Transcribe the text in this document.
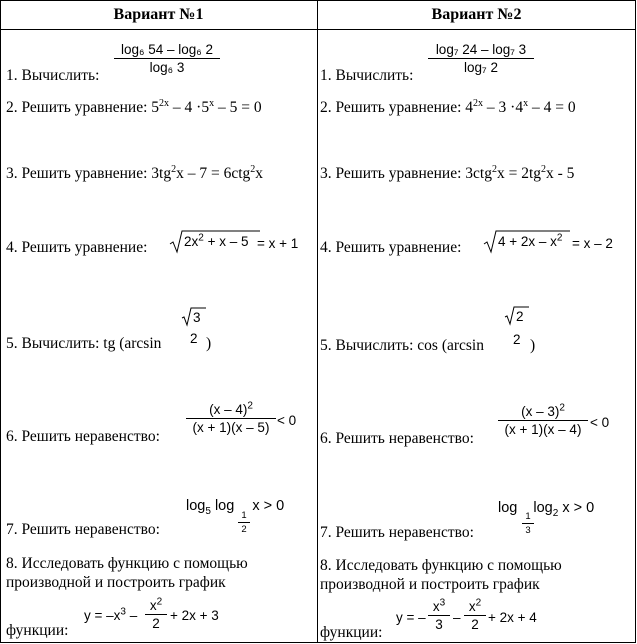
Вариант №1
log₆ 54 – log₆ 2
log₆ 3
1. Вычислить:
2. Решить уравнение: $5^{2x} - 4 \cdot 5^x - 5 = 0$
3. Решить уравнение: $3tg^2x - 7 = 6ctg^2x$
4. Решить уравнение:	$2x^2 + x - 5 = x + 1$
5. Вычислить: tg (arcsin
3
2 )
6. Решить неравенство:
(x – 4)$^2$
(x + 1)(x – 5) < 0
$\log_5 \log x > 0$
1
2
7. Решить неравенство:
8. Исследовать функцию с помощью
производной и построить график
функции:
$y = -x^3$ –
$x^2$
2
+ 2x + 3
Вариант №2
log₇ 24 – log₇ 3
log₇ 2
1. Вычислить:
2. Решить уравнение: $4^{2x} - 3 \cdot 4^x - 4 = 0$
3. Решить уравнение: $3ctg^2x = 2tg^2x - 5$
4. Решить уравнение:	$4 + 2x - x^2 = x - 2$
5. Вычислить: cos (arcsin
2
2 )
6. Решить неравенство:
(x – 3)$^2$
(x + 1)(x – 4) < 0
$\log \log_2 x > 0$
1
3
7. Решить неравенство:
8. Исследовать функцию с помощью
производной и построить график
функции:
y = –
$x^3$
3 –
$x^2$
2 + 2x + 4
